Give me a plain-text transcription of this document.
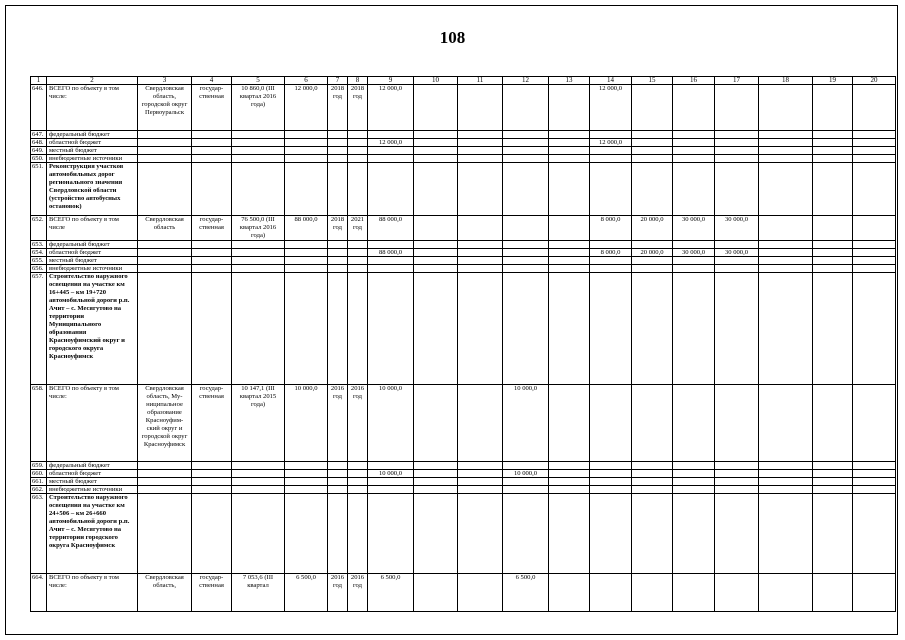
108
1	2	3	4	5	6	7	8	9	10	11	12	13	14	15	16	17	18	19	20
646.	ВСЕГО по объекту в том числе:	Свердловская область, городской округ Первоуральск	государ-ственная	10 860,0 (III квартал 2016 года)	12 000,0	2018 год	2018 год	12 000,0					12 000,0						
647.	федеральный бюджет																		
648.	областной бюджет							12 000,0					12 000,0						
649.	местный бюджет																		
650.	внебюджетные источники																		
651.	Реконструкция участков автомобильных дорог регионального значения Свердловской области (устройство автобусных остановок)																		
652.	ВСЕГО по объекту в том числе	Свердловская область	государ-ственная	76 500,0 (III квартал 2016 года)	88 000,0	2018 год	2021 год	88 000,0					8 000,0	20 000,0	30 000,0	30 000,0			
653.	федеральный бюджет																		
654.	областной бюджет							88 000,0					8 000,0	20 000,0	30 000,0	30 000,0			
655.	местный бюджет																		
656.	внебюджетные источники																		
657.	Строительство наружного освещения на участке км 16+445 – км 19+720 автомобильной дороги р.п. Ачит – с. Месягутово на территории Муниципального образования Красноуфимский округ и городского округа Красноуфимск																		
658.	ВСЕГО по объекту в том числе:	Свердловская область, Му-ниципальное образование Красноуфим-ский округ и городской округ Красноуфимск	государ-ственная	10 147,1 (III квартал 2015 года)	10 000,0	2016 год	2016 год	10 000,0			10 000,0								
659.	федеральный бюджет																		
660.	областной бюджет							10 000,0			10 000,0								
661.	местный бюджет																		
662.	внебюджетные источники																		
663.	Строительство наружного освещения на участке км 24+506 – км 26+660 автомобильной дороги р.п. Ачит – с. Месягутово на территории городского округа Красноуфимск																		
664.	ВСЕГО по объекту в том числе:	Свердловская область,	государ-ственная	7 053,6 (III квартал	6 500,0	2016 год	2016 год	6 500,0			6 500,0								
